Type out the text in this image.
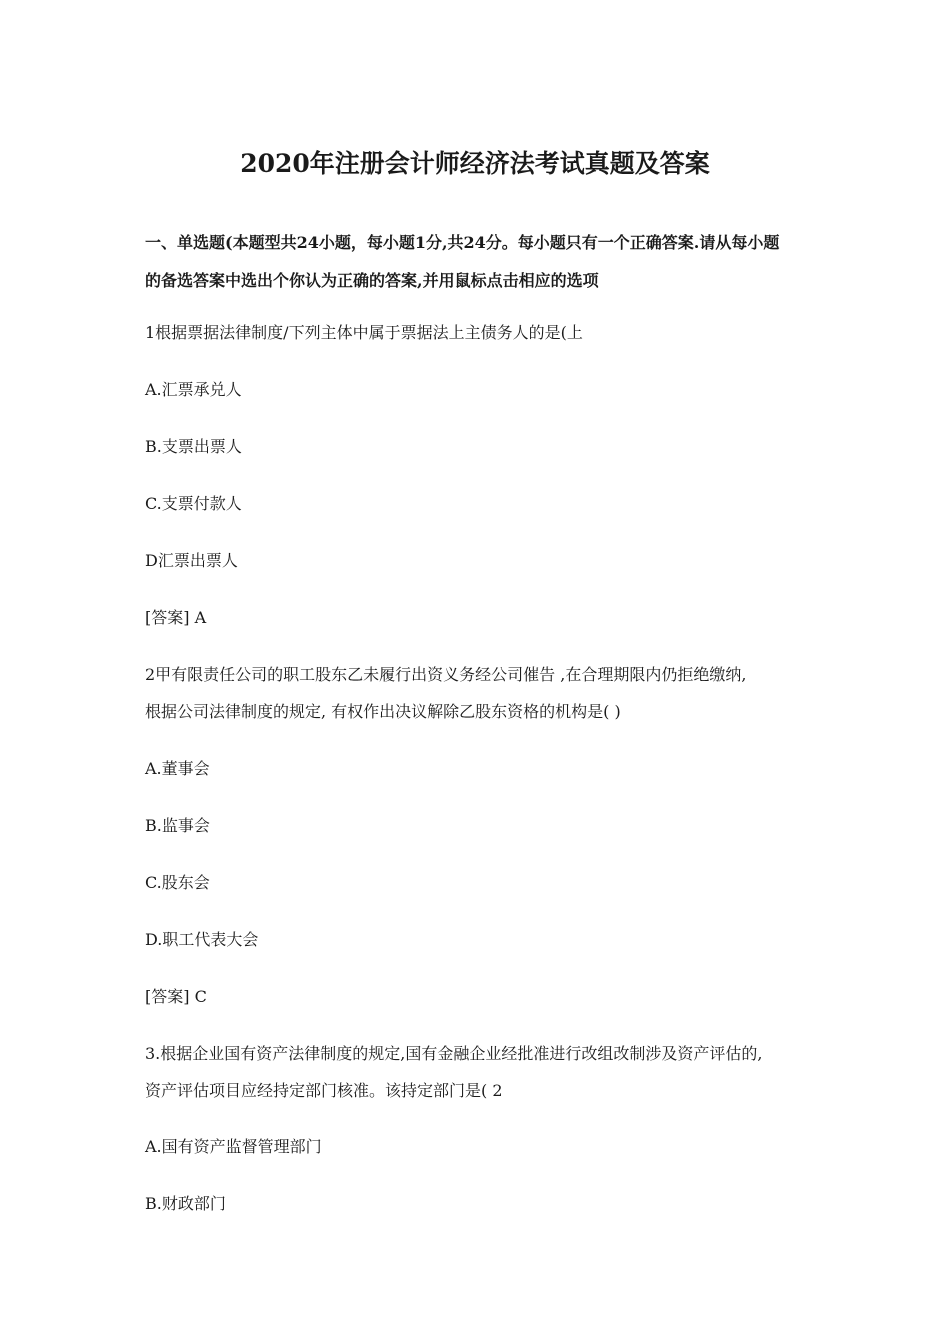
2020年注册会计师经济法考试真题及答案
一、单选题(本题型共24小题，每小题1分,共24分。每小题只有一个正确答案.请从每小题
的备选答案中选出个你认为正确的答案,并用鼠标点击相应的选项
1根据票据法律制度/下列主体中属于票据法上主债务人的是(上
A.汇票承兑人
B.支票出票人
C.支票付款人
D汇票出票人
[答案] A
2甲有限责任公司的职工股东乙未履行出资义务经公司催告 ,在合理期限内仍拒绝缴纳,
根据公司法律制度的规定, 有权作出决议解除乙股东资格的机构是( )
A.董事会
B.监事会
C.股东会
D.职工代表大会
[答案] C
3.根据企业国有资产法律制度的规定,国有金融企业经批准进行改组改制涉及资产评估的,
资产评估项目应经持定部门核准。该持定部门是( 2
A.国有资产监督管理部门
B.财政部门
